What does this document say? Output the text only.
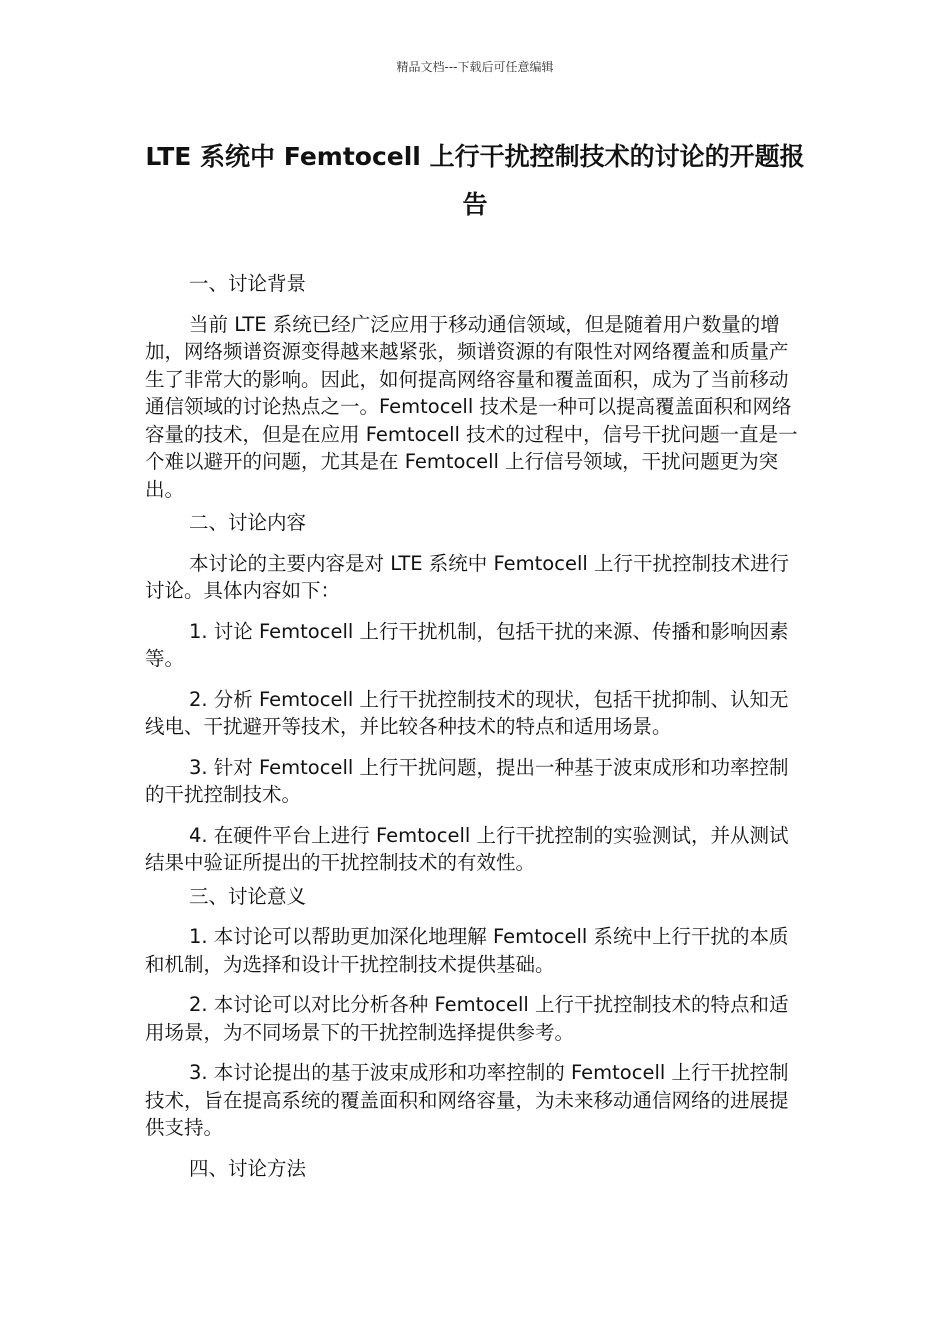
精品文档---下载后可任意编辑
LTE 系统中 Femtocell 上行干扰控制技术的讨论的开题报告

一、讨论背景

当前 LTE 系统已经广泛应用于移动通信领域，但是随着用户数量的增加，网络频谱资源变得越来越紧张，频谱资源的有限性对网络覆盖和质量产生了非常大的影响。因此，如何提高网络容量和覆盖面积，成为了当前移动通信领域的讨论热点之一。Femtocell 技术是一种可以提高覆盖面积和网络容量的技术，但是在应用 Femtocell 技术的过程中，信号干扰问题一直是一个难以避开的问题，尤其是在 Femtocell 上行信号领域，干扰问题更为突出。

二、讨论内容

本讨论的主要内容是对 LTE 系统中 Femtocell 上行干扰控制技术进行讨论。具体内容如下：

1. 讨论 Femtocell 上行干扰机制，包括干扰的来源、传播和影响因素等。

2. 分析 Femtocell 上行干扰控制技术的现状，包括干扰抑制、认知无线电、干扰避开等技术，并比较各种技术的特点和适用场景。

3. 针对 Femtocell 上行干扰问题，提出一种基于波束成形和功率控制的干扰控制技术。

4. 在硬件平台上进行 Femtocell 上行干扰控制的实验测试，并从测试结果中验证所提出的干扰控制技术的有效性。

三、讨论意义

1. 本讨论可以帮助更加深化地理解 Femtocell 系统中上行干扰的本质和机制，为选择和设计干扰控制技术提供基础。

2. 本讨论可以对比分析各种 Femtocell 上行干扰控制技术的特点和适用场景，为不同场景下的干扰控制选择提供参考。

3. 本讨论提出的基于波束成形和功率控制的 Femtocell 上行干扰控制技术，旨在提高系统的覆盖面积和网络容量，为未来移动通信网络的进展提供支持。

四、讨论方法
